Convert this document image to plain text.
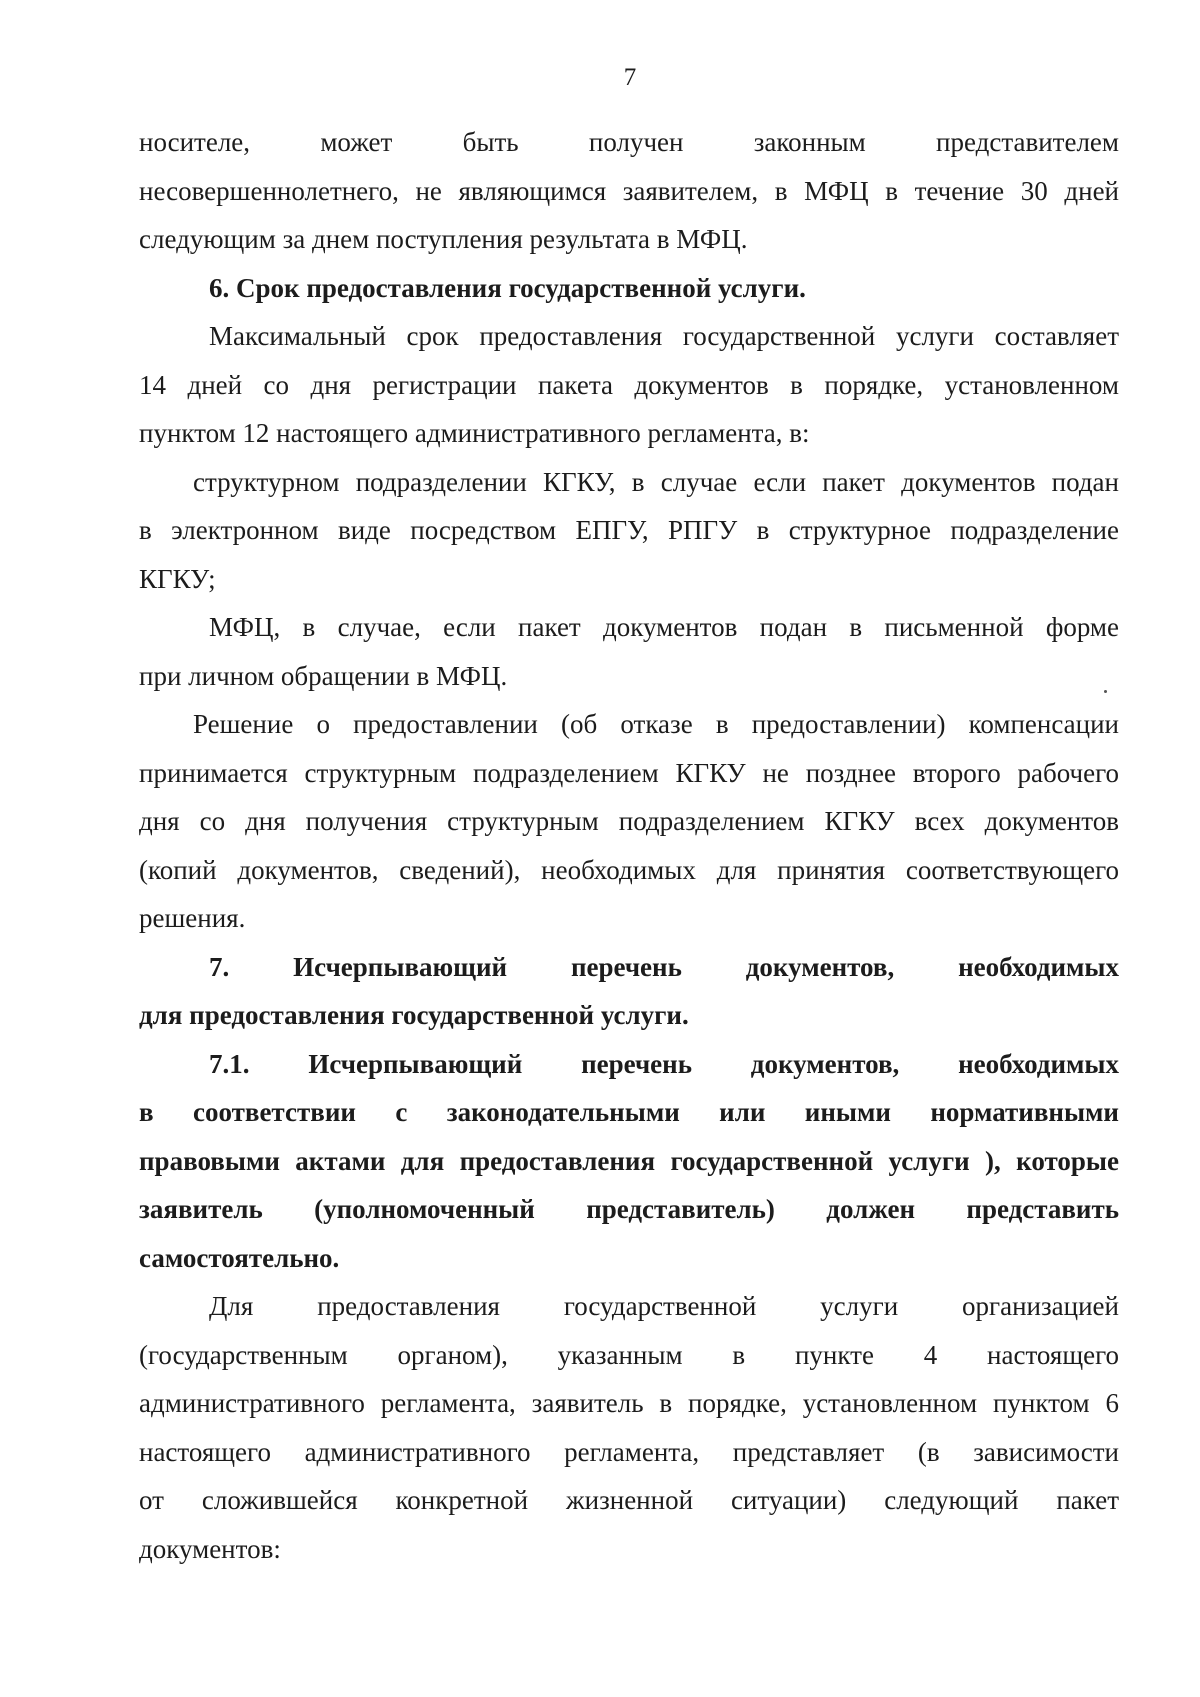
7
носителе, может быть получен законным представителем
несовершеннолетнего, не являющимся заявителем, в МФЦ в течение 30 дней
следующим за днем поступления результата в МФЦ.
6. Срок предоставления государственной услуги.
Максимальный срок предоставления государственной услуги составляет
14 дней со дня регистрации пакета документов в порядке, установленном
пунктом 12 настоящего административного регламента, в:
структурном подразделении КГКУ, в случае если пакет документов подан
в электронном виде посредством ЕПГУ, РПГУ в структурное подразделение
КГКУ;
МФЦ, в случае, если пакет документов подан в письменной форме
при личном обращении в МФЦ.
Решение о предоставлении (об отказе в предоставлении) компенсации
принимается структурным подразделением КГКУ не позднее второго рабочего
дня со дня получения структурным подразделением КГКУ всех документов
(копий документов, сведений), необходимых для принятия соответствующего
решения.
7. Исчерпывающий перечень документов, необходимых
для предоставления государственной услуги.
7.1. Исчерпывающий перечень документов, необходимых
в соответствии с законодательными или иными нормативными
правовыми актами для предоставления государственной услуги ), которые
заявитель (уполномоченный представитель) должен представить
самостоятельно.
Для предоставления государственной услуги организацией
(государственным органом), указанным в пункте 4 настоящего
административного регламента, заявитель в порядке, установленном пунктом 6
настоящего административного регламента, представляет (в зависимости
от сложившейся конкретной жизненной ситуации) следующий пакет
документов:
